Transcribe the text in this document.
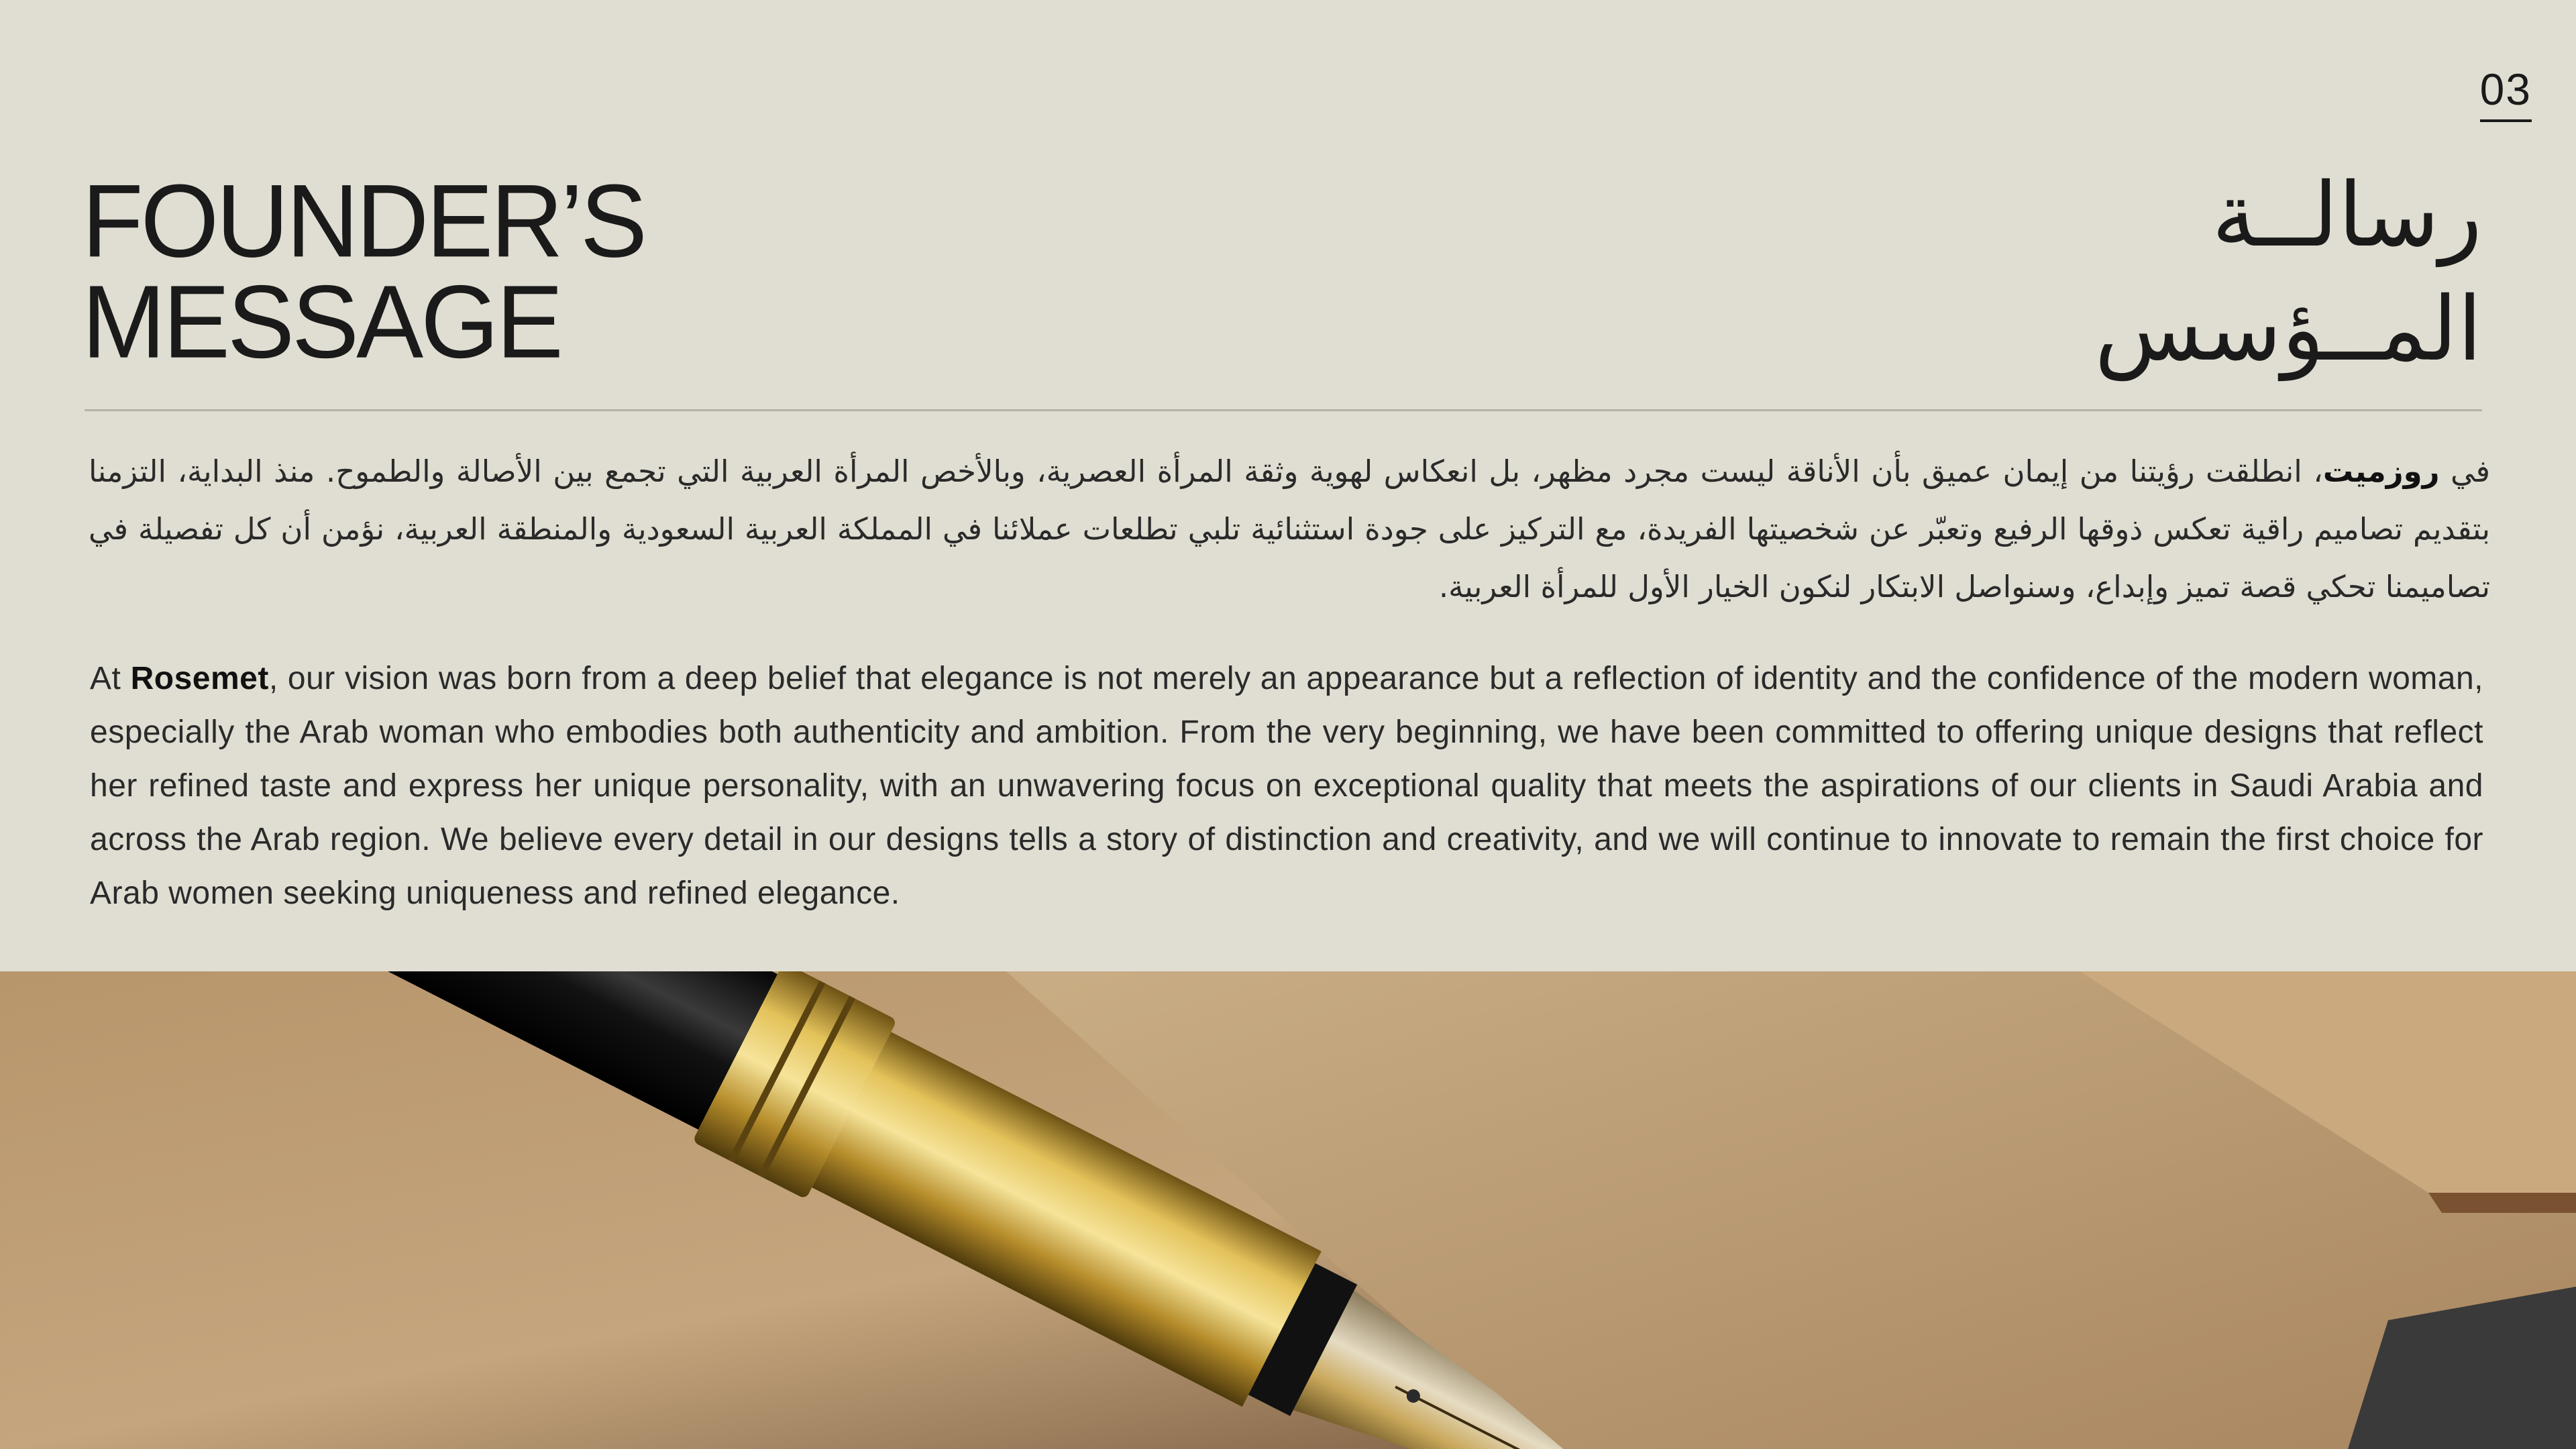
03
FOUNDER’S
MESSAGE
رسالــة
المــؤسس
في روزميت، انطلقت رؤيتنا من إيمان عميق بأن الأناقة ليست مجرد مظهر، بل انعكاس لهوية وثقة المرأة العصرية، وبالأخص المرأة العربية التي تجمع بين الأصالة والطموح. منذ البداية، التزمنا بتقديم تصاميم راقية تعكس ذوقها الرفيع وتعبّر عن شخصيتها الفريدة، مع التركيز على جودة استثنائية تلبي تطلعات عملائنا في المملكة العربية السعودية والمنطقة العربية، نؤمن أن كل تفصيلة في تصاميمنا تحكي قصة تميز وإبداع، وسنواصل الابتكار لنكون الخيار الأول للمرأة العربية.
At Rosemet, our vision was born from a deep belief that elegance is not merely an appearance but a reflection of identity and the confidence of the modern woman, especially the Arab woman who embodies both authenticity and ambition. From the very beginning, we have been committed to offering unique designs that reflect her refined taste and express her unique personality, with an unwavering focus on exceptional quality that meets the aspirations of our clients in Saudi Arabia and across the Arab region. We believe every detail in our designs tells a story of distinction and creativity, and we will continue to innovate to remain the first choice for Arab women seeking uniqueness and refined elegance.
